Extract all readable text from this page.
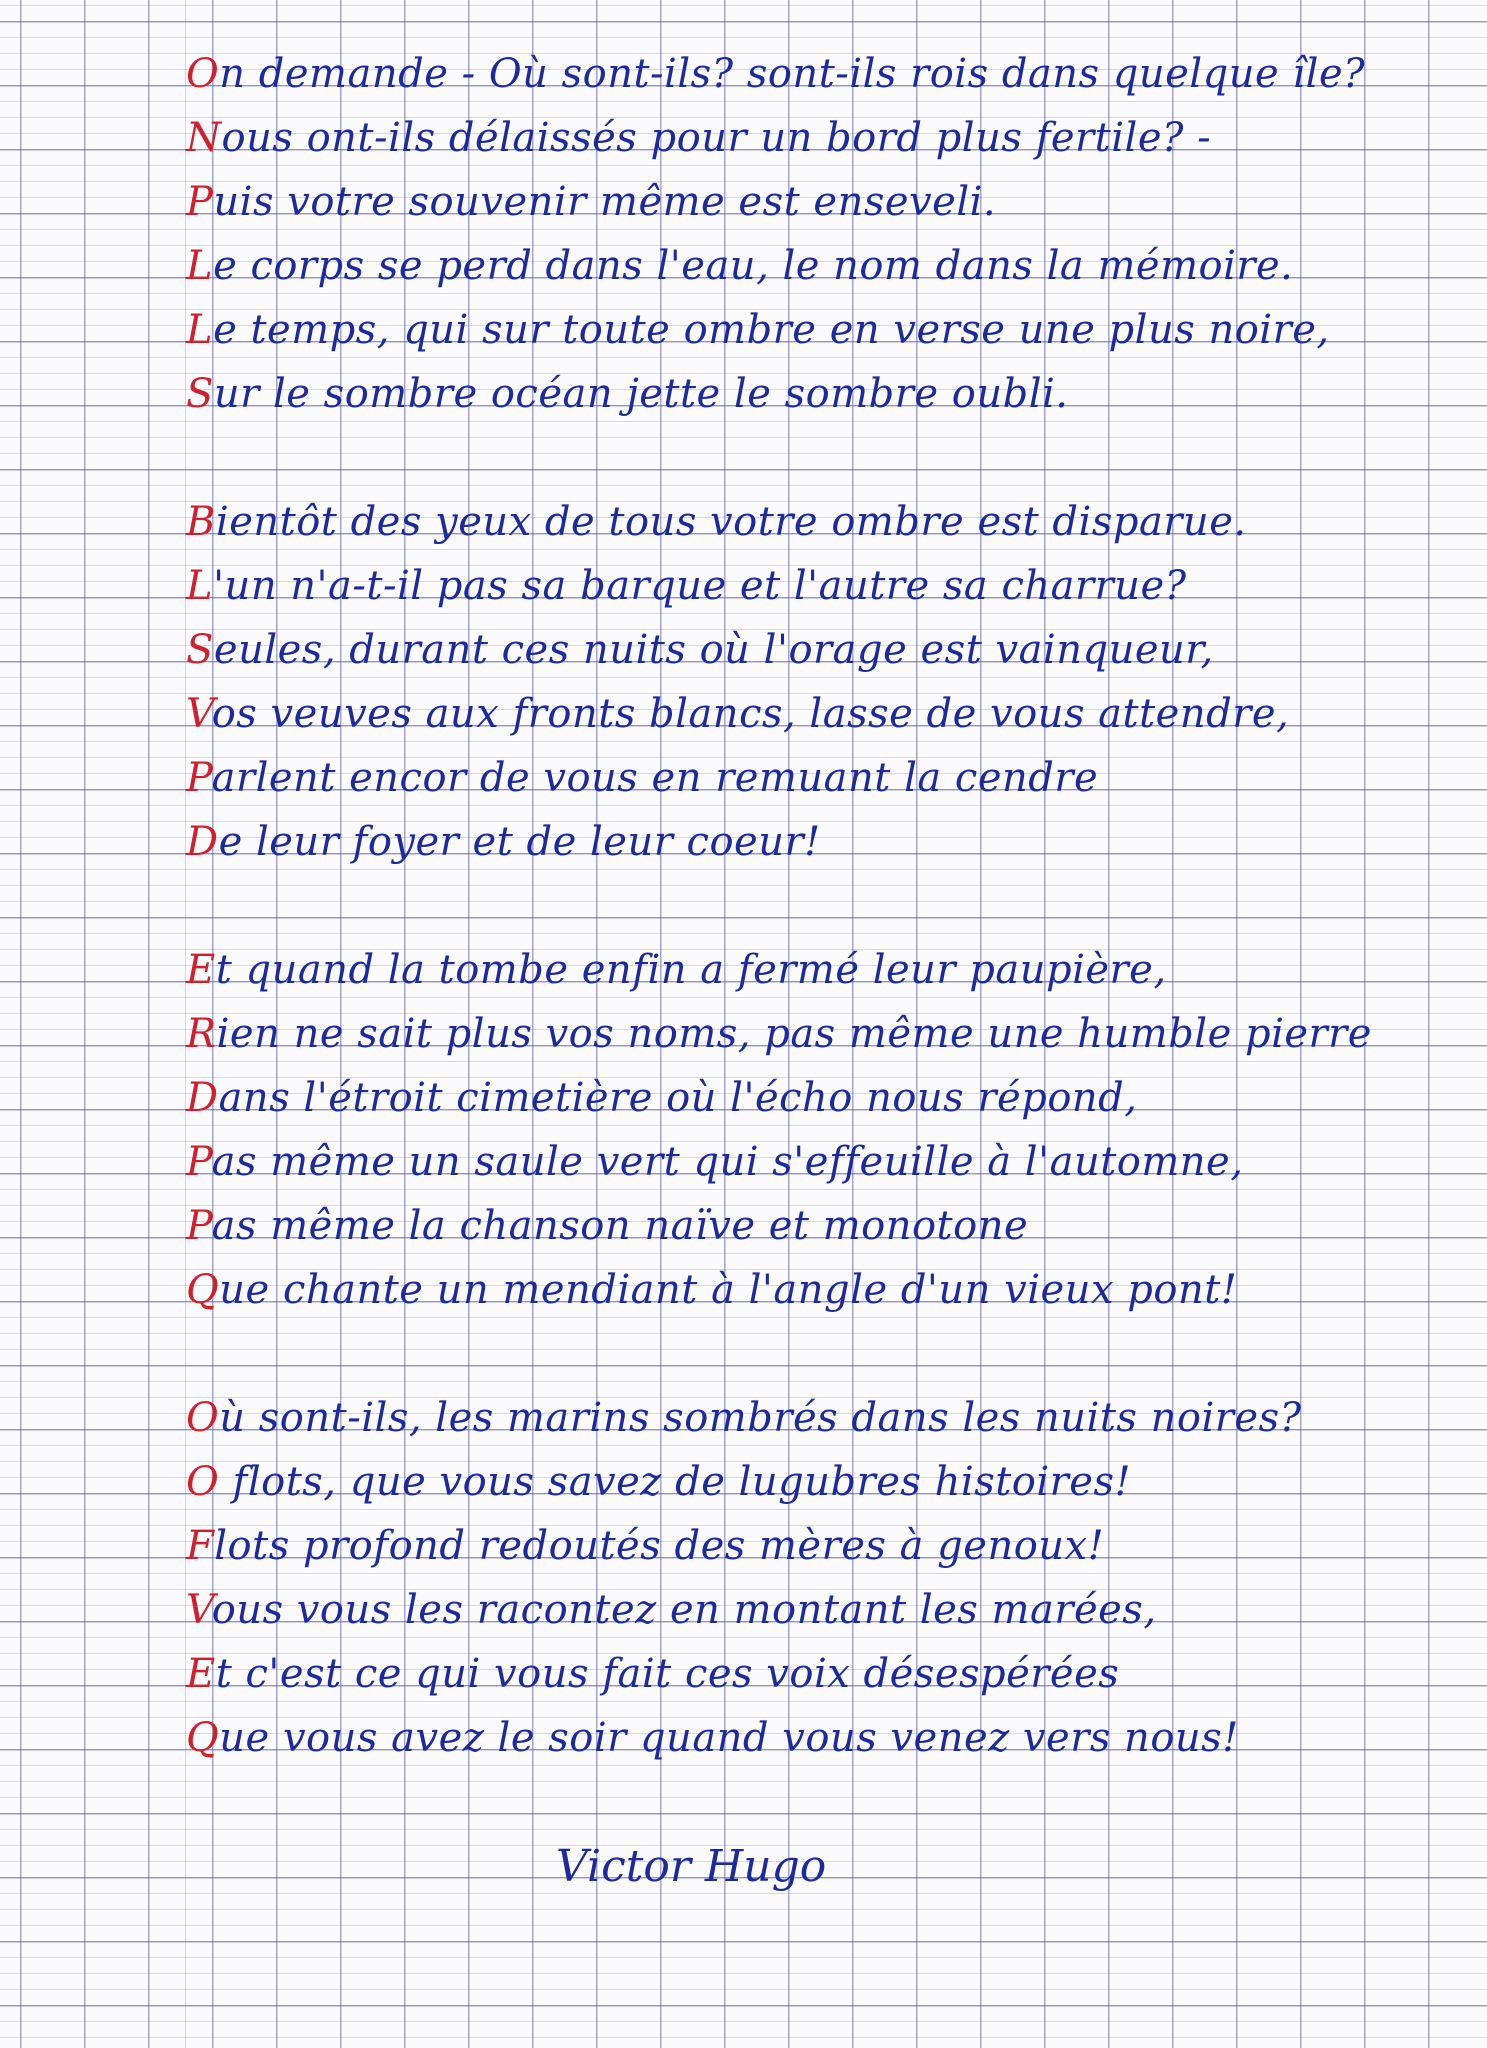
On demande - Où sont-ils? sont-ils rois dans quelque île?
Nous ont-ils délaissés pour un bord plus fertile? -
Puis votre souvenir même est enseveli.
Le corps se perd dans l'eau, le nom dans la mémoire.
Le temps, qui sur toute ombre en verse une plus noire,
Sur le sombre océan jette le sombre oubli.
Bientôt des yeux de tous votre ombre est disparue.
L'un n'a-t-il pas sa barque et l'autre sa charrue?
Seules, durant ces nuits où l'orage est vainqueur,
Vos veuves aux fronts blancs, lasse de vous attendre,
Parlent encor de vous en remuant la cendre
De leur foyer et de leur coeur!
Et quand la tombe enfin a fermé leur paupière,
Rien ne sait plus vos noms, pas même une humble pierre
Dans l'étroit cimetière où l'écho nous répond,
Pas même un saule vert qui s'effeuille à l'automne,
Pas même la chanson naïve et monotone
Que chante un mendiant à l'angle d'un vieux pont!
Où sont-ils, les marins sombrés dans les nuits noires?
O flots, que vous savez de lugubres histoires!
Flots profond redoutés des mères à genoux!
Vous vous les racontez en montant les marées,
Et c'est ce qui vous fait ces voix désespérées
Que vous avez le soir quand vous venez vers nous!
Victor Hugo
